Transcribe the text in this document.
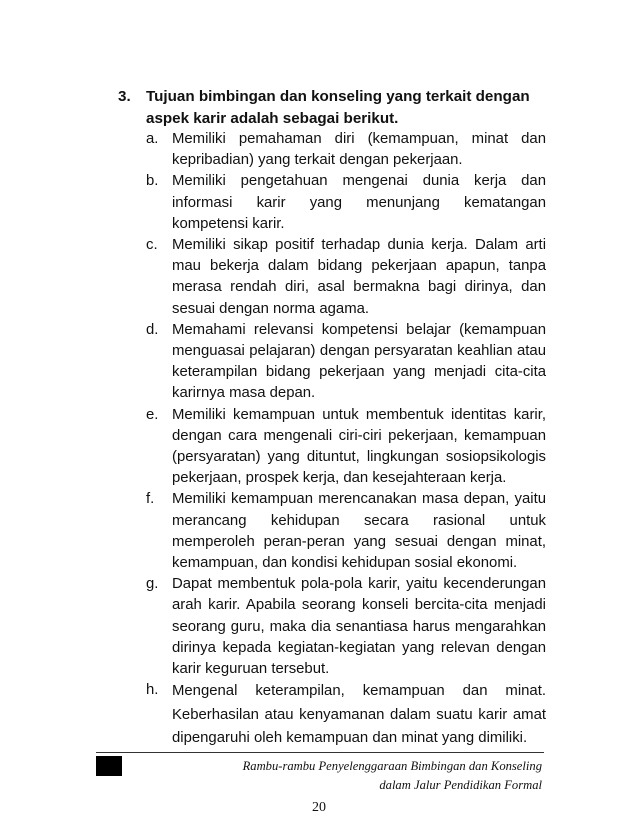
3.	Tujuan bimbingan dan konseling yang terkait dengan aspek karir adalah sebagai berikut.
a. Memiliki pemahaman diri (kemampuan, minat dan kepribadian) yang terkait dengan pekerjaan.
b. Memiliki pengetahuan mengenai dunia kerja dan informasi karir yang menunjang kematangan kompetensi karir.
c. Memiliki sikap positif terhadap dunia kerja. Dalam arti mau bekerja dalam bidang pekerjaan apapun, tanpa merasa rendah diri, asal bermakna bagi dirinya, dan sesuai dengan norma agama.
d. Memahami relevansi kompetensi belajar (kemampuan menguasai pelajaran) dengan persyaratan keahlian atau keterampilan bidang pekerjaan yang menjadi cita-cita karirnya masa depan.
e. Memiliki kemampuan untuk membentuk identitas karir, dengan cara mengenali ciri-ciri pekerjaan, kemampuan (persyaratan) yang dituntut, lingkungan sosiopsikologis pekerjaan, prospek kerja, dan kesejahteraan kerja.
f.	Memiliki kemampuan merencanakan masa depan, yaitu merancang kehidupan secara rasional untuk memperoleh peran-peran yang sesuai dengan minat, kemampuan, dan kondisi kehidupan sosial ekonomi.
g. Dapat membentuk pola-pola karir, yaitu kecenderungan arah karir. Apabila seorang konseli bercita-cita menjadi seorang guru, maka dia senantiasa harus mengarahkan dirinya kepada kegiatan-kegiatan yang relevan dengan karir keguruan tersebut.
h. Mengenal keterampilan, kemampuan dan minat. Keberhasilan atau kenyamanan dalam suatu karir amat dipengaruhi oleh kemampuan dan minat yang dimiliki.
Rambu-rambu Penyelenggaraan Bimbingan dan Konseling
dalam Jalur Pendidikan Formal
20
